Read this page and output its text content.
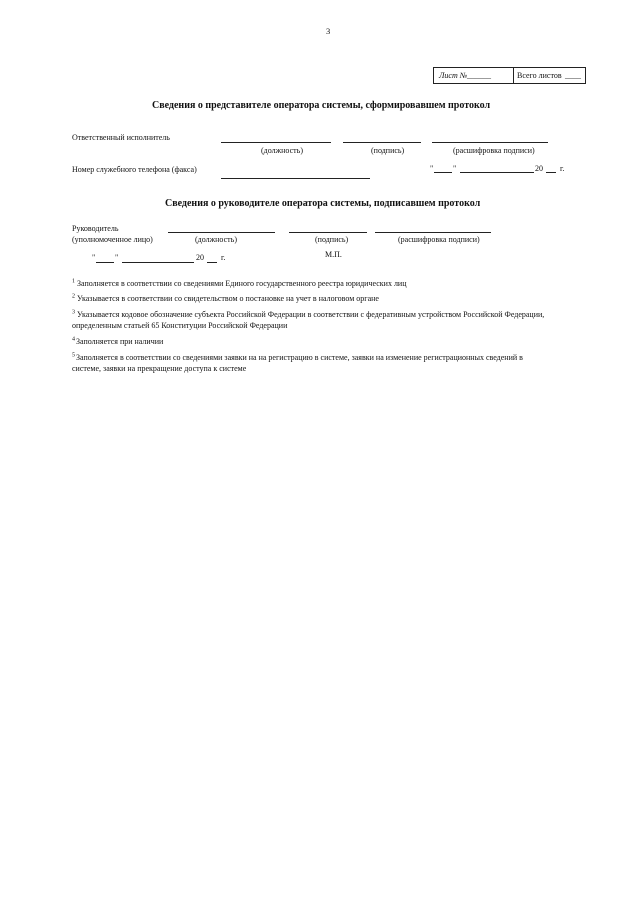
3
Лист № ______	Всего листов ____
Сведения о представителе оператора системы, сформировавшем протокол
Ответственный исполнитель
(должность)	(подпись)	(расшифровка подписи)
Номер служебного телефона (факса)	" "	20 г.
Сведения о руководителе оператора системы, подписавшем протокол
Руководитель
(уполномоченное лицо)	(должность)	(подпись)	(расшифровка подписи)
" "	20 г.	М.П.
$^1$ Заполняется в соответствии со сведениями Единого государственного реестра юридических лиц
$^2$ Указывается в соответствии со свидетельством о постановке на учет в налоговом органе
$^3$ Указывается кодовое обозначение субъекта Российской Федерации в соответствии с федеративным устройством Российской Федерации,
определенным статьей 65 Конституции Российской Федерации
$^4$Заполняется при наличии
$^5$Заполняется в соответствии со сведениями заявки на на регистрацию в системе, заявки на изменение регистрационных сведений в
системе, заявки на прекращение доступа к системе
